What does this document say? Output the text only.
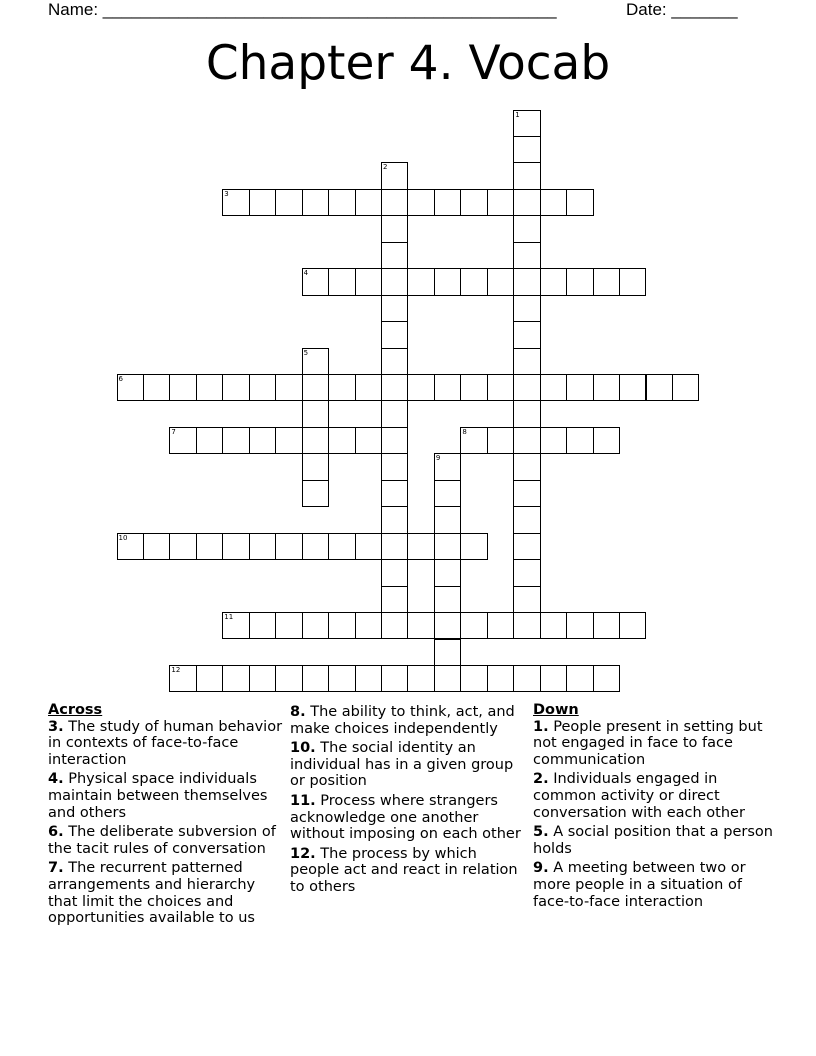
Name: ________________________________________________	Date: _______
Chapter 4. Vocab
1
2
3
4
5
6
7	8
9
10
11
12
Across
3. The study of human behavior in contexts of face-to-face interaction
4. Physical space individuals maintain between themselves and others
6. The deliberate subversion of the tacit rules of conversation
7. The recurrent patterned arrangements and hierarchy that limit the choices and opportunities available to us
8. The ability to think, act, and make choices independently
10. The social identity an individual has in a given group or position
11. Process where strangers acknowledge one another without imposing on each other
12. The process by which people act and react in relation to others
Down
1. People present in setting but not engaged in face to face communication
2. Individuals engaged in common activity or direct conversation with each other
5. A social position that a person holds
9. A meeting between two or more people in a situation of face-to-face interaction
